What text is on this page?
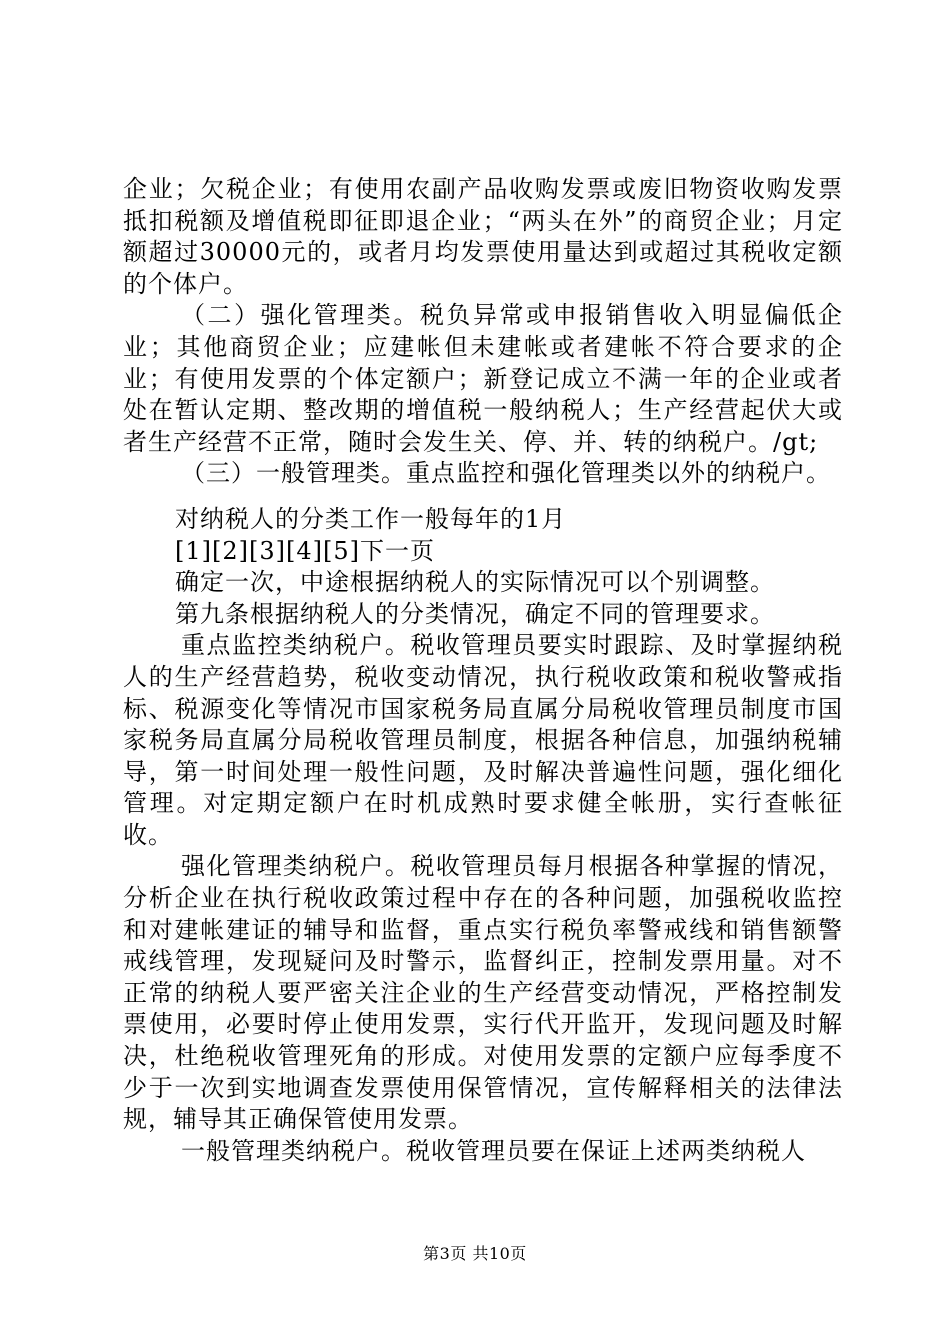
企业；欠税企业；有使用农副产品收购发票或废旧物资收购发票抵扣税额及增值税即征即退企业；“两头在外”的商贸企业；月定额超过30000元的，或者月均发票使用量达到或超过其税收定额的个体户。

（二）强化管理类。税负异常或申报销售收入明显偏低企业；其他商贸企业；应建帐但未建帐或者建帐不符合要求的企业；有使用发票的个体定额户；新登记成立不满一年的企业或者处在暂认定期、整改期的增值税一般纳税人；生产经营起伏大或者生产经营不正常，随时会发生关、停、并、转的纳税户。/gt;

（三）一般管理类。重点监控和强化管理类以外的纳税户。

对纳税人的分类工作一般每年的1月

[1][2][3][4][5]下一页

确定一次，中途根据纳税人的实际情况可以个别调整。

第九条根据纳税人的分类情况，确定不同的管理要求。

重点监控类纳税户。税收管理员要实时跟踪、及时掌握纳税人的生产经营趋势，税收变动情况，执行税收政策和税收警戒指标、税源变化等情况市国家税务局直属分局税收管理员制度市国家税务局直属分局税收管理员制度，根据各种信息，加强纳税辅导，第一时间处理一般性问题，及时解决普遍性问题，强化细化管理。对定期定额户在时机成熟时要求健全帐册，实行查帐征收。

强化管理类纳税户。税收管理员每月根据各种掌握的情况，分析企业在执行税收政策过程中存在的各种问题，加强税收监控和对建帐建证的辅导和监督，重点实行税负率警戒线和销售额警戒线管理，发现疑问及时警示，监督纠正，控制发票用量。对不正常的纳税人要严密关注企业的生产经营变动情况，严格控制发票使用，必要时停止使用发票，实行代开监开，发现问题及时解决，杜绝税收管理死角的形成。对使用发票的定额户应每季度不少于一次到实地调查发票使用保管情况，宣传解释相关的法律法规，辅导其正确保管使用发票。

一般管理类纳税户。税收管理员要在保证上述两类纳税人

第3页 共10页
